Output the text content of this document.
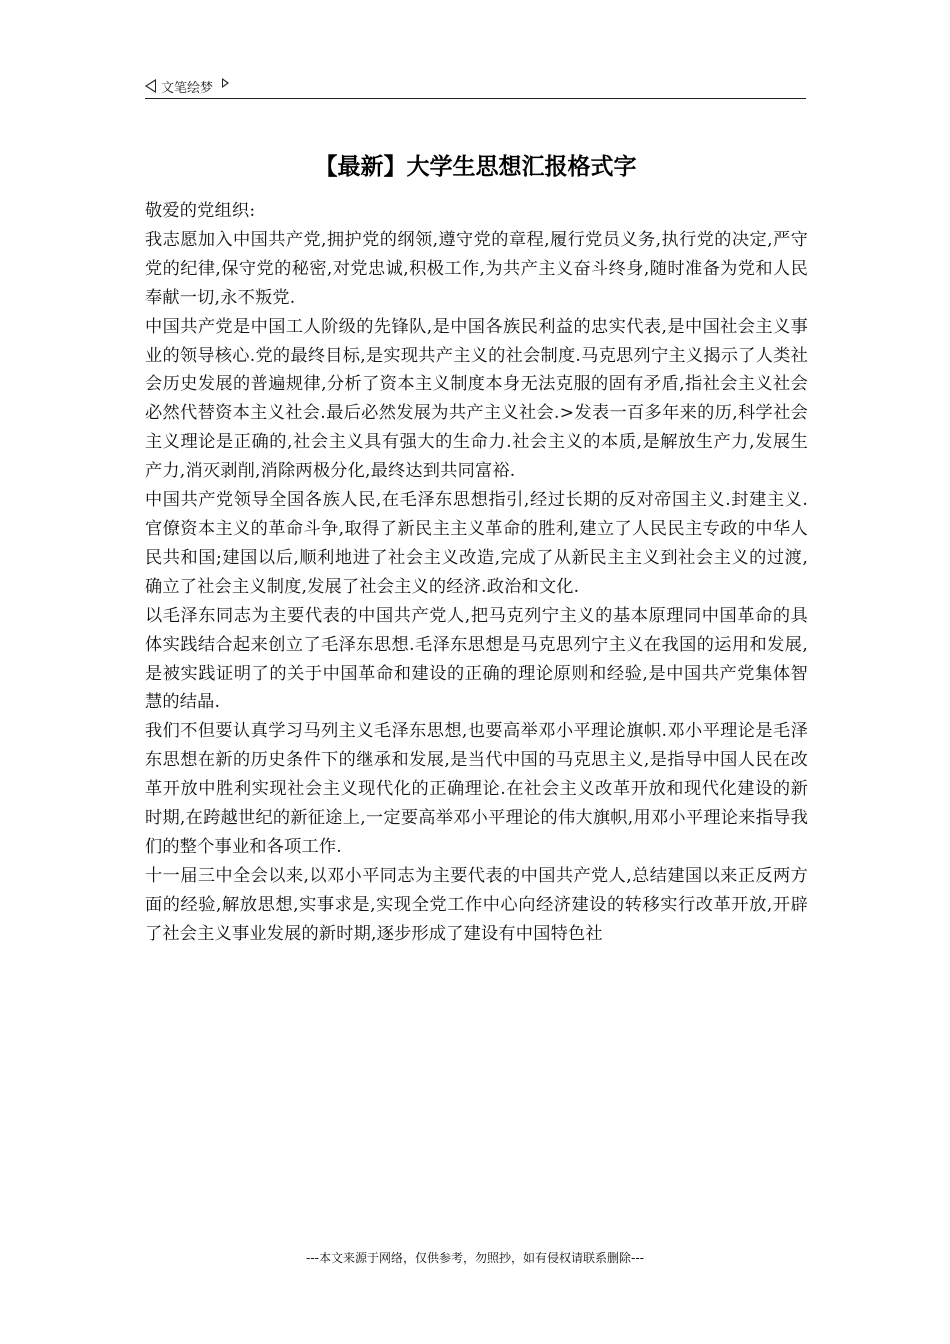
文笔绘梦
【最新】大学生思想汇报格式字

敬爱的党组织:

我志愿加入中国共产党,拥护党的纲领,遵守党的章程,履行党员义务,执行党的决定,严守党的纪律,保守党的秘密,对党忠诚,积极工作,为共产主义奋斗终身,随时准备为党和人民奉献一切,永不叛党.

中国共产党是中国工人阶级的先锋队,是中国各族民利益的忠实代表,是中国社会主义事业的领导核心.党的最终目标,是实现共产主义的社会制度.马克思列宁主义揭示了人类社会历史发展的普遍规律,分析了资本主义制度本身无法克服的固有矛盾,指社会主义社会必然代替资本主义社会.最后必然发展为共产主义社会.>发表一百多年来的历,科学社会主义理论是正确的,社会主义具有强大的生命力.社会主义的本质,是解放生产力,发展生产力,消灭剥削,消除两极分化,最终达到共同富裕.

中国共产党领导全国各族人民,在毛泽东思想指引,经过长期的反对帝国主义.封建主义.官僚资本主义的革命斗争,取得了新民主主义革命的胜利,建立了人民民主专政的中华人民共和国;建国以后,顺利地进了社会主义改造,完成了从新民主主义到社会主义的过渡,确立了社会主义制度,发展了社会主义的经济.政治和文化.

以毛泽东同志为主要代表的中国共产党人,把马克列宁主义的基本原理同中国革命的具体实践结合起来创立了毛泽东思想.毛泽东思想是马克思列宁主义在我国的运用和发展,是被实践证明了的关于中国革命和建设的正确的理论原则和经验,是中国共产党集体智慧的结晶.

我们不但要认真学习马列主义毛泽东思想,也要高举邓小平理论旗帜.邓小平理论是毛泽东思想在新的历史条件下的继承和发展,是当代中国的马克思主义,是指导中国人民在改革开放中胜利实现社会主义现代化的正确理论.在社会主义改革开放和现代化建设的新时期,在跨越世纪的新征途上,一定要高举邓小平理论的伟大旗帜,用邓小平理论来指导我们的整个事业和各项工作.

十一届三中全会以来,以邓小平同志为主要代表的中国共产党人,总结建国以来正反两方面的经验,解放思想,实事求是,实现全党工作中心向经济建设的转移实行改革开放,开辟了社会主义事业发展的新时期,逐步形成了建设有中国特色社

---本文来源于网络，仅供参考，勿照抄，如有侵权请联系删除---
